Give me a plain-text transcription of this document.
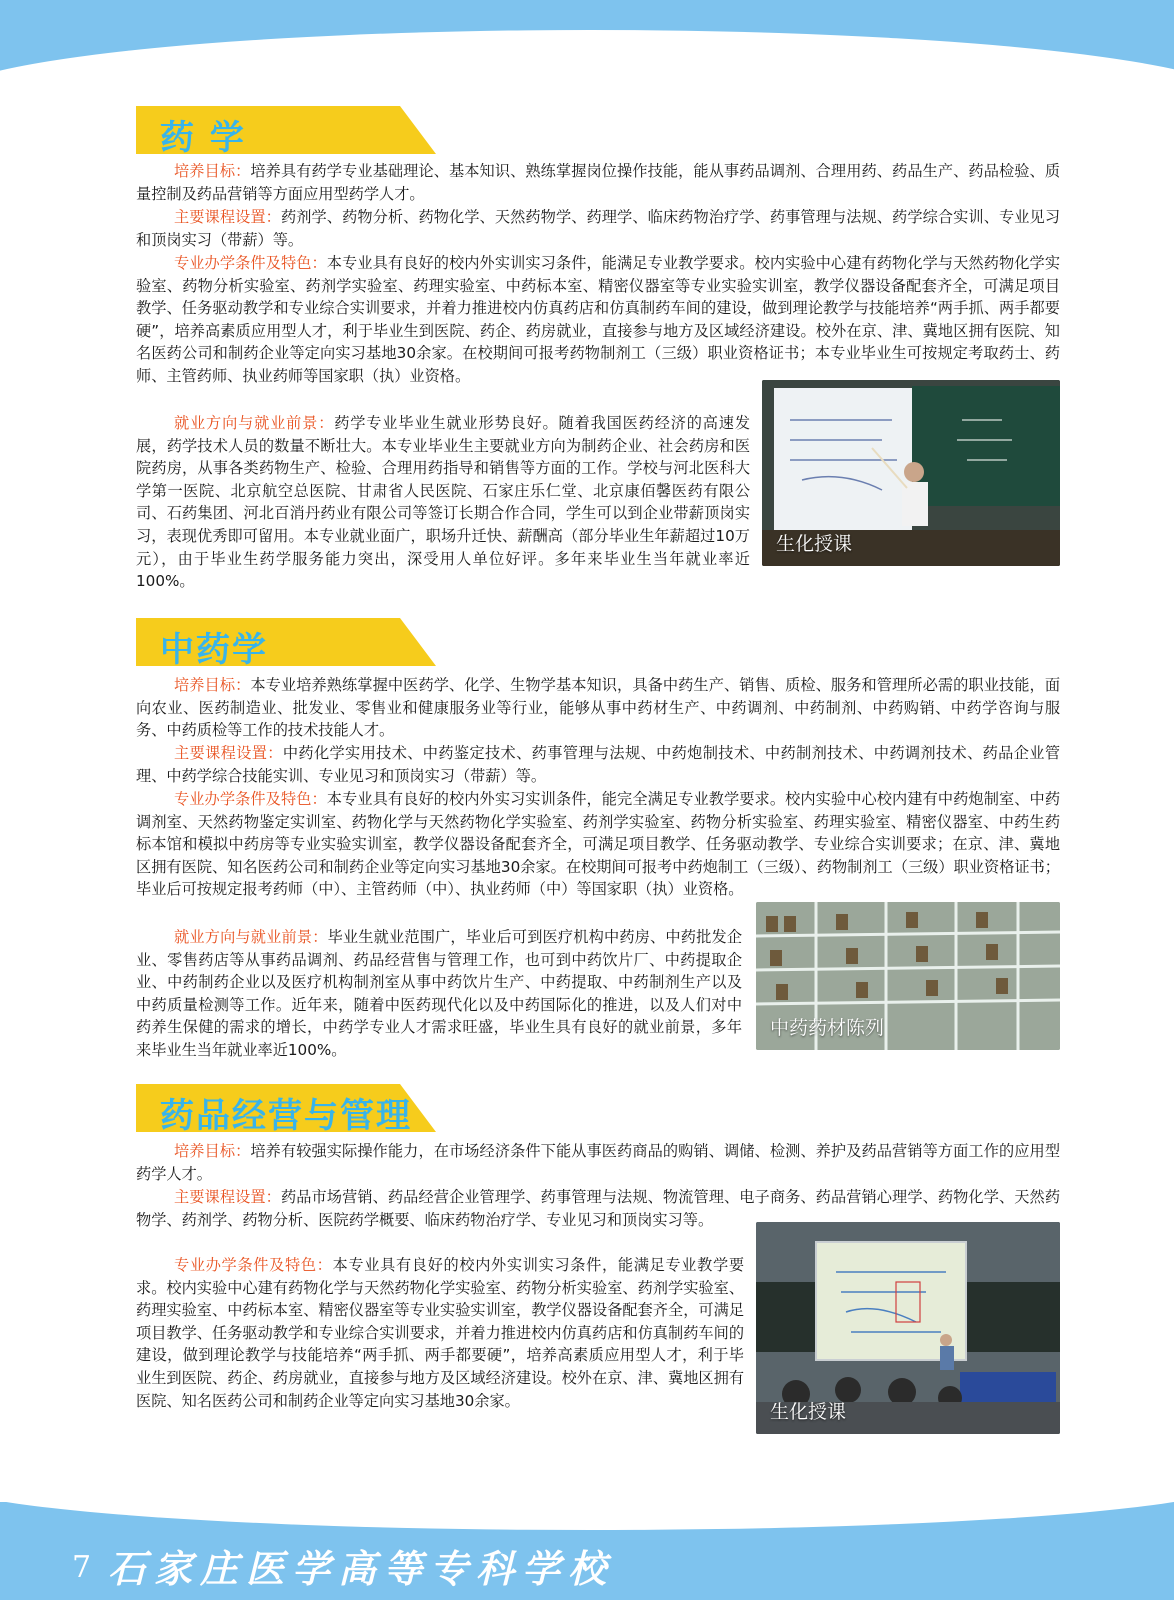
药 学
培养目标：培养具有药学专业基础理论、基本知识、熟练掌握岗位操作技能，能从事药品调剂、合理用药、药品生产、药品检验、质量控制及药品营销等方面应用型药学人才。
主要课程设置：药剂学、药物分析、药物化学、天然药物学、药理学、临床药物治疗学、药事管理与法规、药学综合实训、专业见习和顶岗实习（带薪）等。
专业办学条件及特色：本专业具有良好的校内外实训实习条件，能满足专业教学要求。校内实验中心建有药物化学与天然药物化学实验室、药物分析实验室、药剂学实验室、药理实验室、中药标本室、精密仪器室等专业实验实训室，教学仪器设备配套齐全，可满足项目教学、任务驱动教学和专业综合实训要求，并着力推进校内仿真药店和仿真制药车间的建设，做到理论教学与技能培养“两手抓、两手都要硬”，培养高素质应用型人才，利于毕业生到医院、药企、药房就业，直接参与地方及区域经济建设。校外在京、津、冀地区拥有医院、知名医药公司和制药企业等定向实习基地30余家。在校期间可报考药物制剂工（三级）职业资格证书；本专业毕业生可按规定考取药士、药师、主管药师、执业药师等国家职（执）业资格。
就业方向与就业前景：药学专业毕业生就业形势良好。随着我国医药经济的高速发展，药学技术人员的数量不断壮大。本专业毕业生主要就业方向为制药企业、社会药房和医院药房，从事各类药物生产、检验、合理用药指导和销售等方面的工作。学校与河北医科大学第一医院、北京航空总医院、甘肃省人民医院、石家庄乐仁堂、北京康佰馨医药有限公司、石药集团、河北百消丹药业有限公司等签订长期合作合同，学生可以到企业带薪顶岗实习，表现优秀即可留用。本专业就业面广，职场升迁快、薪酬高（部分毕业生年薪超过10万元），由于毕业生药学服务能力突出，深受用人单位好评。多年来毕业生当年就业率近100%。
生化授课
中药学
培养目标：本专业培养熟练掌握中医药学、化学、生物学基本知识，具备中药生产、销售、质检、服务和管理所必需的职业技能，面向农业、医药制造业、批发业、零售业和健康服务业等行业，能够从事中药材生产、中药调剂、中药制剂、中药购销、中药学咨询与服务、中药质检等工作的技术技能人才。
主要课程设置：中药化学实用技术、中药鉴定技术、药事管理与法规、中药炮制技术、中药制剂技术、中药调剂技术、药品企业管理、中药学综合技能实训、专业见习和顶岗实习（带薪）等。
专业办学条件及特色：本专业具有良好的校内外实习实训条件，能完全满足专业教学要求。校内实验中心校内建有中药炮制室、中药调剂室、天然药物鉴定实训室、药物化学与天然药物化学实验室、药剂学实验室、药物分析实验室、药理实验室、精密仪器室、中药生药标本馆和模拟中药房等专业实验实训室，教学仪器设备配套齐全，可满足项目教学、任务驱动教学、专业综合实训要求；在京、津、冀地区拥有医院、知名医药公司和制药企业等定向实习基地30余家。在校期间可报考中药炮制工（三级）、药物制剂工（三级）职业资格证书；毕业后可按规定报考药师（中）、主管药师（中）、执业药师（中）等国家职（执）业资格。
就业方向与就业前景：毕业生就业范围广，毕业后可到医疗机构中药房、中药批发企业、零售药店等从事药品调剂、药品经营售与管理工作，也可到中药饮片厂、中药提取企业、中药制药企业以及医疗机构制剂室从事中药饮片生产、中药提取、中药制剂生产以及中药质量检测等工作。近年来，随着中医药现代化以及中药国际化的推进，以及人们对中药养生保健的需求的增长，中药学专业人才需求旺盛，毕业生具有良好的就业前景，多年来毕业生当年就业率近100%。
中药药材陈列
药品经营与管理
培养目标：培养有较强实际操作能力，在市场经济条件下能从事医药商品的购销、调储、检测、养护及药品营销等方面工作的应用型药学人才。
主要课程设置：药品市场营销、药品经营企业管理学、药事管理与法规、物流管理、电子商务、药品营销心理学、药物化学、天然药物学、药剂学、药物分析、医院药学概要、临床药物治疗学、专业见习和顶岗实习等。
专业办学条件及特色：本专业具有良好的校内外实训实习条件，能满足专业教学要求。校内实验中心建有药物化学与天然药物化学实验室、药物分析实验室、药剂学实验室、药理实验室、中药标本室、精密仪器室等专业实验实训室，教学仪器设备配套齐全，可满足项目教学、任务驱动教学和专业综合实训要求，并着力推进校内仿真药店和仿真制药车间的建设，做到理论教学与技能培养“两手抓、两手都要硬”，培养高素质应用型人才，利于毕业生到医院、药企、药房就业，直接参与地方及区域经济建设。校外在京、津、冀地区拥有医院、知名医药公司和制药企业等定向实习基地30余家。
生化授课
7 石家庄医学高等专科学校
